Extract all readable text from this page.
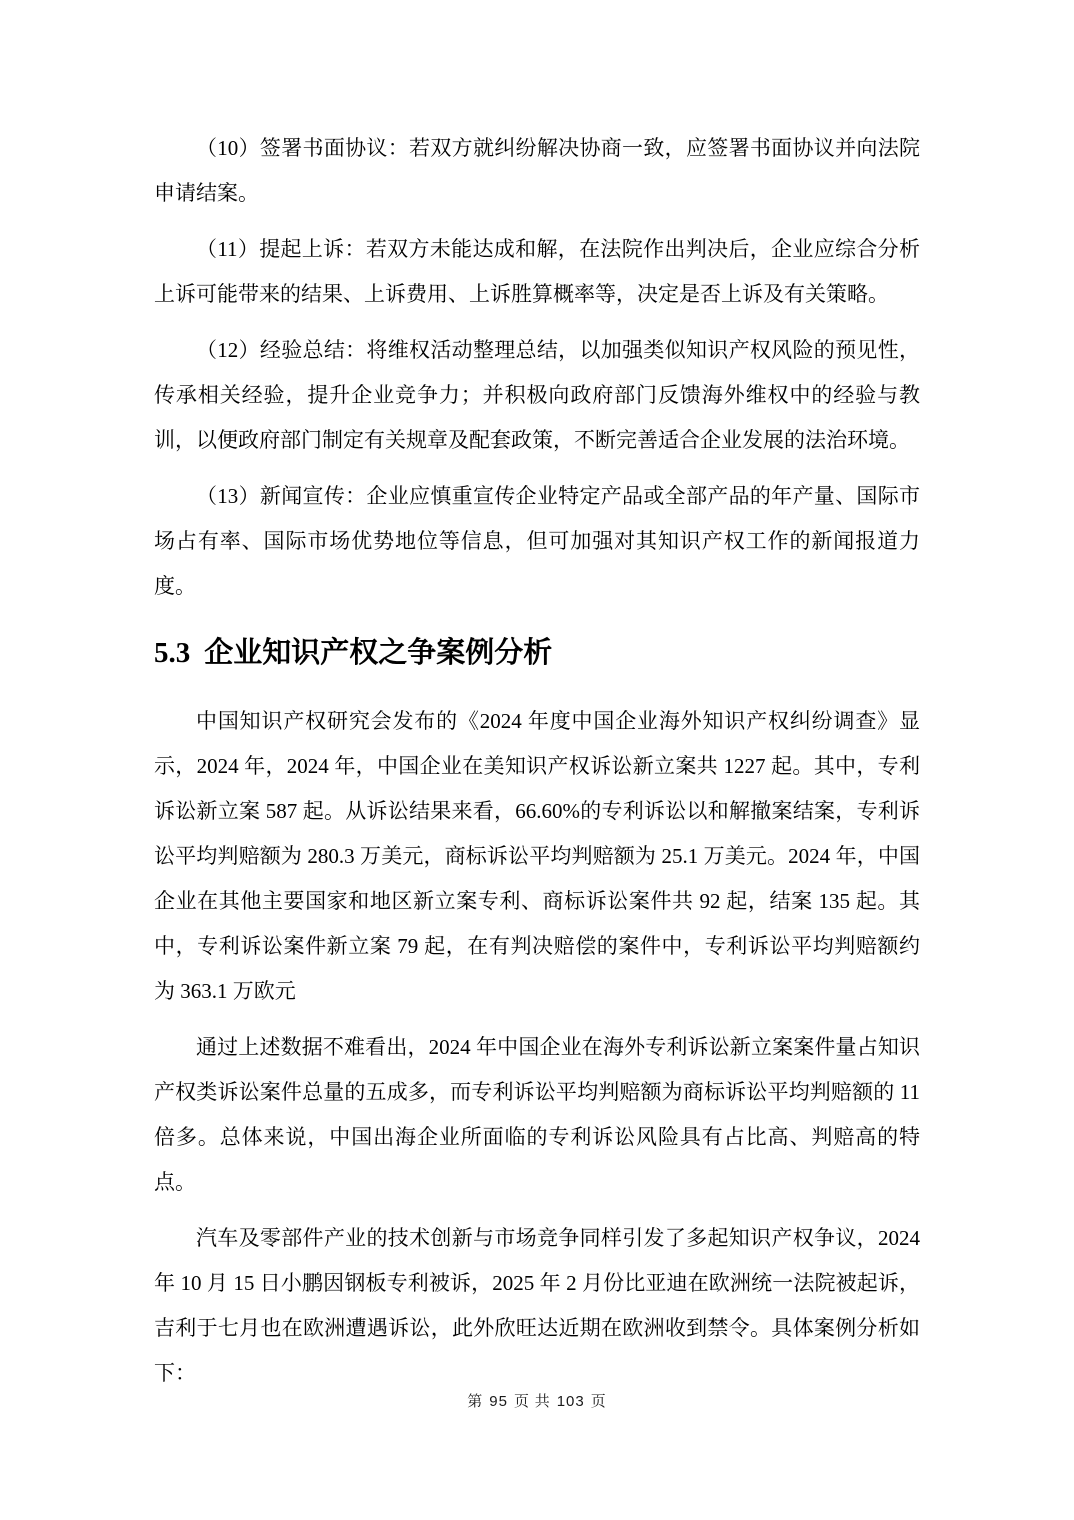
（10）签署书面协议：若双方就纠纷解决协商一致，应签署书面协议并向法院申请结案。

（11）提起上诉：若双方未能达成和解，在法院作出判决后，企业应综合分析上诉可能带来的结果、上诉费用、上诉胜算概率等，决定是否上诉及有关策略。

（12）经验总结：将维权活动整理总结，以加强类似知识产权风险的预见性，传承相关经验，提升企业竞争力；并积极向政府部门反馈海外维权中的经验与教训，以便政府部门制定有关规章及配套政策，不断完善适合企业发展的法治环境。

（13）新闻宣传：企业应慎重宣传企业特定产品或全部产品的年产量、国际市场占有率、国际市场优势地位等信息，但可加强对其知识产权工作的新闻报道力度。

5.3 企业知识产权之争案例分析

中国知识产权研究会发布的《2024 年度中国企业海外知识产权纠纷调查》显示，2024 年，2024 年，中国企业在美知识产权诉讼新立案共 1227 起。其中，专利诉讼新立案 587 起。从诉讼结果来看，66.60%的专利诉讼以和解撤案结案，专利诉讼平均判赔额为 280.3 万美元，商标诉讼平均判赔额为 25.1 万美元。2024 年，中国企业在其他主要国家和地区新立案专利、商标诉讼案件共 92 起，结案 135 起。其中，专利诉讼案件新立案 79 起，在有判决赔偿的案件中，专利诉讼平均判赔额约为 363.1 万欧元

通过上述数据不难看出，2024 年中国企业在海外专利诉讼新立案案件量占知识产权类诉讼案件总量的五成多，而专利诉讼平均判赔额为商标诉讼平均判赔额的 11 倍多。总体来说，中国出海企业所面临的专利诉讼风险具有占比高、判赔高的特点。

汽车及零部件产业的技术创新与市场竞争同样引发了多起知识产权争议，2024 年 10 月 15 日小鹏因钢板专利被诉，2025 年 2 月份比亚迪在欧洲统一法院被起诉，吉利于七月也在欧洲遭遇诉讼，此外欣旺达近期在欧洲收到禁令。具体案例分析如下：

第 95 页 共 103 页
